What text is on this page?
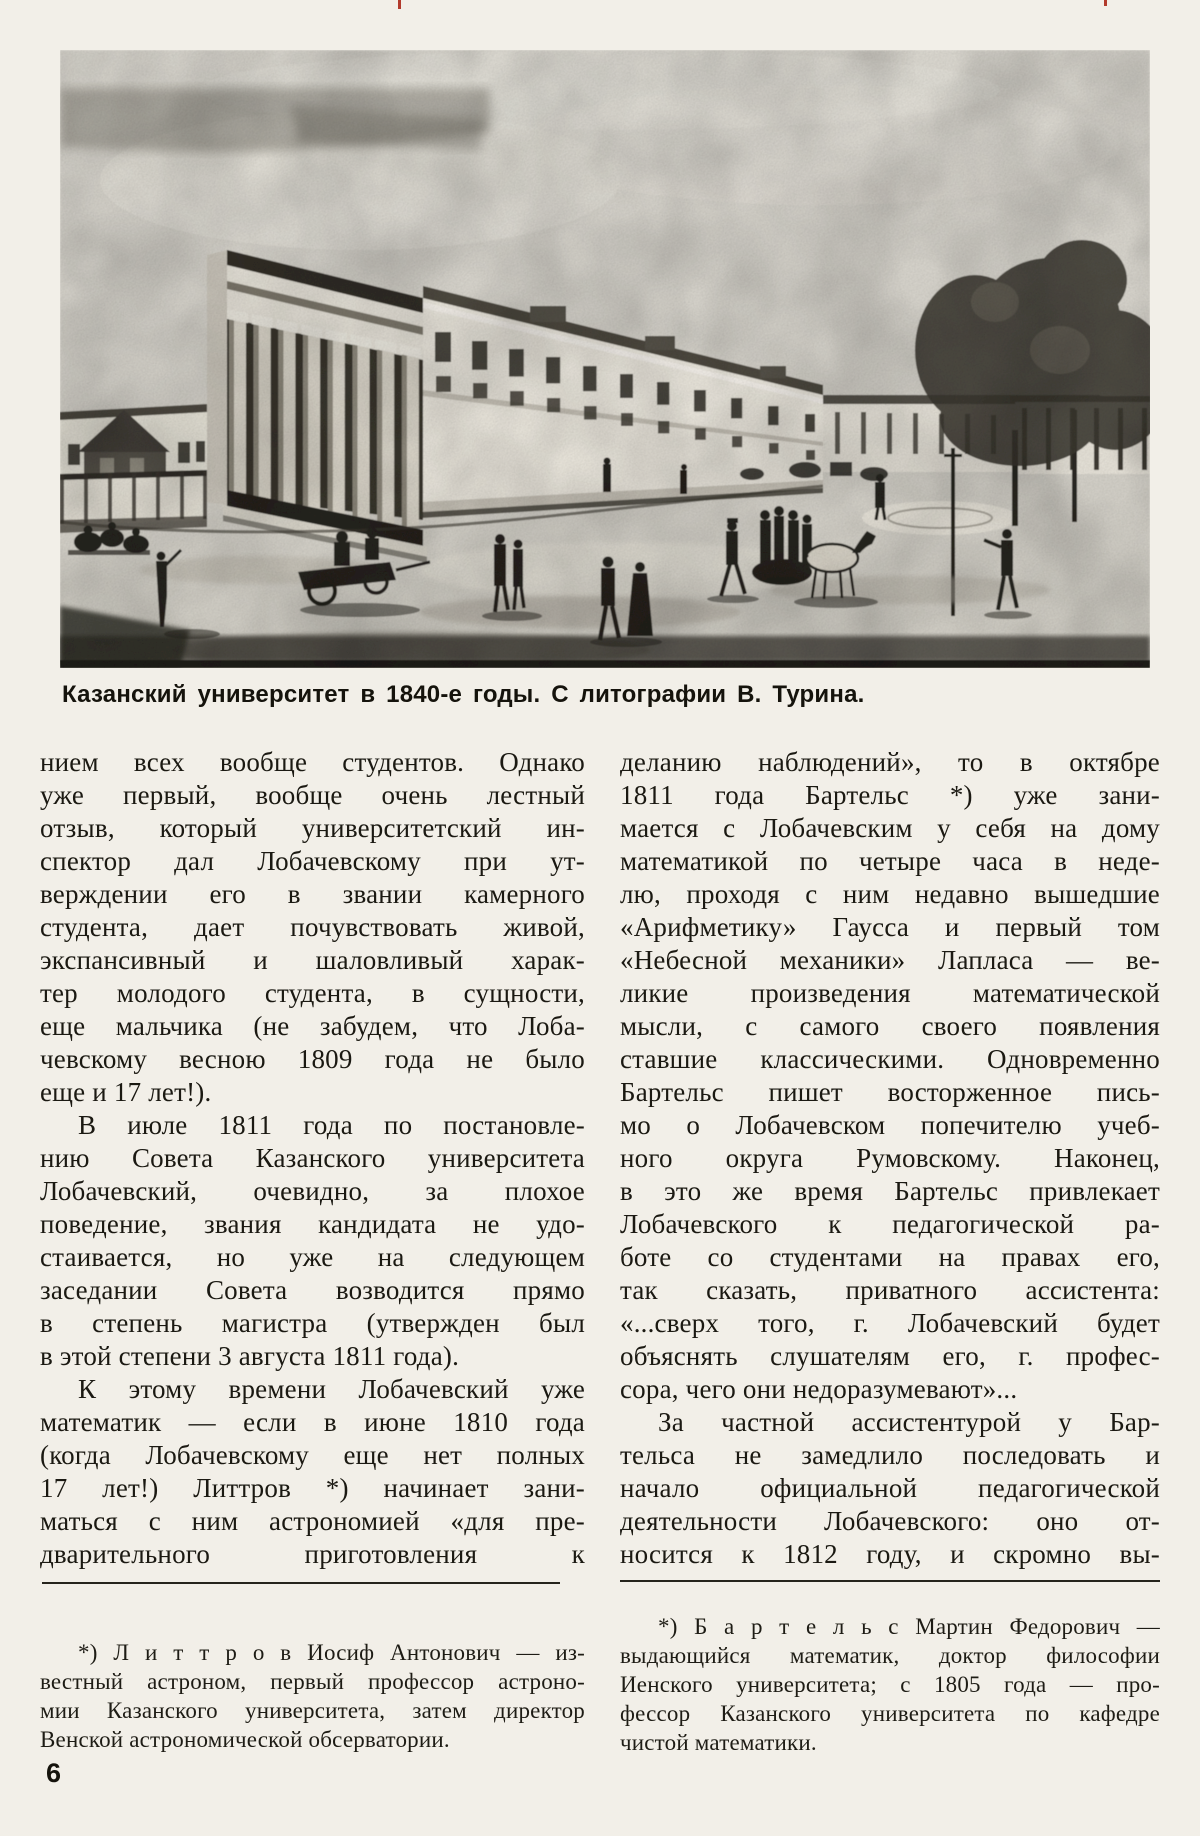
Казанский университет в 1840-е годы. С литографии В. Турина.
нием всех вообще студентов. Однако
уже первый, вообще очень лестный
отзыв, который университетский ин-
спектор дал Лобачевскому при ут-
верждении его в звании камерного
студента, дает почувствовать живой,
экспансивный и шаловливый харак-
тер молодого студента, в сущности,
еще мальчика (не забудем, что Лоба-
чевскому весною 1809 года не было
еще и 17 лет!).
В июле 1811 года по постановле-
нию Совета Казанского университета
Лобачевский, очевидно, за плохое
поведение, звания кандидата не удо-
стаивается, но уже на следующем
заседании Совета возводится прямо
в степень магистра (утвержден был
в этой степени 3 августа 1811 года).
К этому времени Лобачевский уже
математик — если в июне 1810 года
(когда Лобачевскому еще нет полных
17 лет!) Литтров *) начинает зани-
маться с ним астрономией «для пре-
дварительного приготовления к
деланию наблюдений», то в октябре
1811 года Бартельс *) уже зани-
мается с Лобачевским у себя на дому
математикой по четыре часа в неде-
лю, проходя с ним недавно вышедшие
«Арифметику» Гаусса и первый том
«Небесной механики» Лапласа — ве-
ликие произведения математической
мысли, с самого своего появления
ставшие классическими. Одновременно
Бартельс пишет восторженное пись-
мо о Лобачевском попечителю учеб-
ного округа Румовскому. Наконец,
в это же время Бартельс привлекает
Лобачевского к педагогической ра-
боте со студентами на правах его,
так сказать, приватного ассистента:
«...сверх того, г. Лобачевский будет
объяснять слушателям его, г. профес-
сора, чего они недоразумевают»...
За частной ассистентурой у Бар-
тельса не замедлило последовать и
начало официальной педагогической
деятельности Лобачевского: оно от-
носится к 1812 году, и скромно вы-
*) Л и т т р о в Иосиф Антонович — из-
вестный астроном, первый профессор астроно-
мии Казанского университета, затем директор
Венской астрономической обсерватории.
*) Б а р т е л ь с Мартин Федорович —
выдающийся математик, доктор философии
Иенского университета; с 1805 года — про-
фессор Казанского университета по кафедре
чистой математики.
6
